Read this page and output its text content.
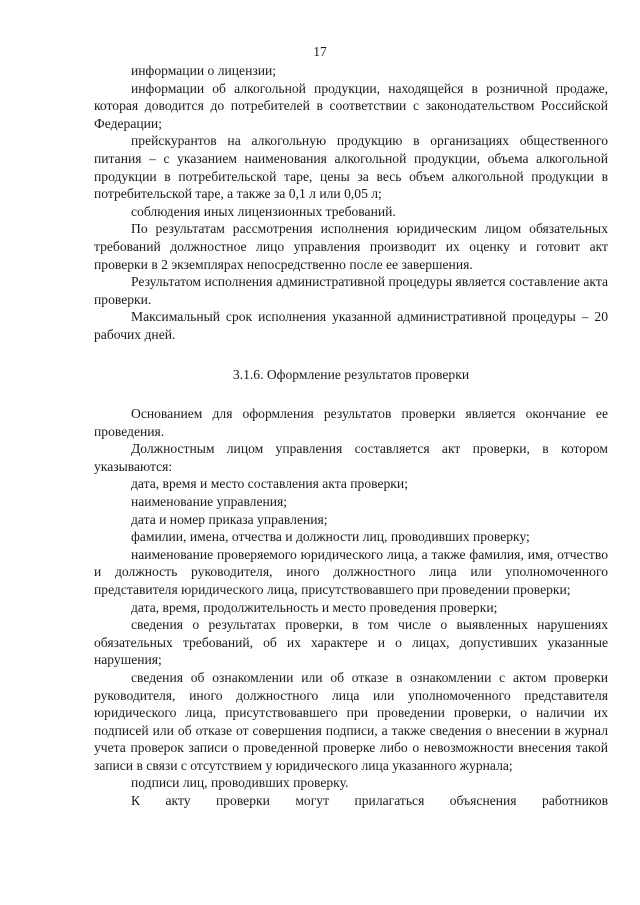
17

информации о лицензии;

информации об алкогольной продукции, находящейся в розничной продаже, которая доводится до потребителей в соответствии с законодательством Российской Федерации;

прейскурантов на алкогольную продукцию в организациях общественного питания – с указанием наименования алкогольной продукции, объема алкогольной продукции в потребительской таре, цены за весь объем алкогольной продукции в потребительской таре, а также за 0,1 л или 0,05 л;

соблюдения иных лицензионных требований.

По результатам рассмотрения исполнения юридическим лицом обязательных требований должностное лицо управления производит их оценку и готовит акт проверки в 2 экземплярах непосредственно после ее завершения.

Результатом исполнения административной процедуры является составление акта проверки.

Максимальный срок исполнения указанной административной процедуры – 20 рабочих дней.

3.1.6. Оформление результатов проверки

Основанием для оформления результатов проверки является окончание ее проведения.

Должностным лицом управления составляется акт проверки, в котором указываются:

дата, время и место составления акта проверки;

наименование управления;

дата и номер приказа управления;

фамилии, имена, отчества и должности лиц, проводивших проверку;

наименование проверяемого юридического лица, а также фамилия, имя, отчество и должность руководителя, иного должностного лица или уполномоченного представителя юридического лица, присутствовавшего при проведении проверки;

дата, время, продолжительность и место проведения проверки;

сведения о результатах проверки, в том числе о выявленных нарушениях обязательных требований, об их характере и о лицах, допустивших указанные нарушения;

сведения об ознакомлении или об отказе в ознакомлении с актом проверки руководителя, иного должностного лица или уполномоченного представителя юридического лица, присутствовавшего при проведении проверки, о наличии их подписей или об отказе от совершения подписи, а также сведения о внесении в журнал учета проверок записи о проведенной проверке либо о невозможности внесения такой записи в связи с отсутствием у юридического лица указанного журнала;

подписи лиц, проводивших проверку.

К акту проверки могут прилагаться объяснения работников
